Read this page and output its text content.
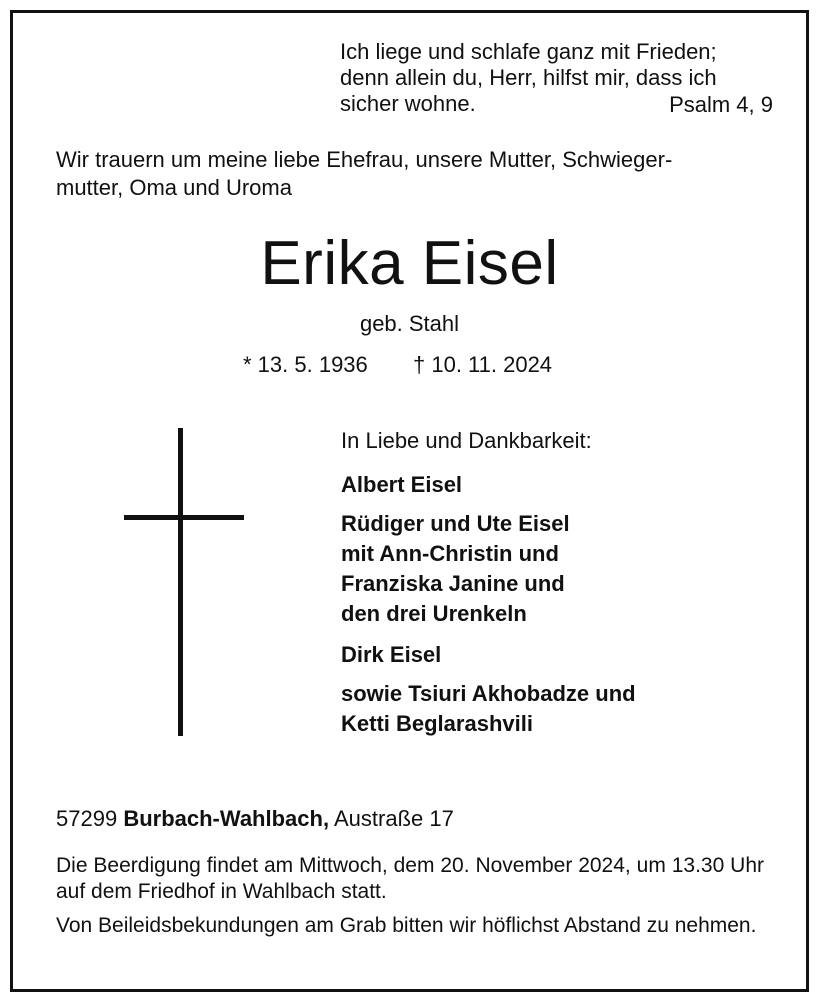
Ich liege und schlafe ganz mit Frieden;

denn allein du, Herr, hilfst mir, dass ich

sicher wohne.	Psalm 4, 9

Wir trauern um meine liebe Ehefrau, unsere Mutter, Schwieger-

mutter, Oma und Uroma

Erika Eisel

geb. Stahl

* 13. 5. 1936 † 10. 11. 2024

In Liebe und Dankbarkeit:

Albert Eisel

Rüdiger und Ute Eisel

mit Ann-Christin und

Franziska Janine und

den drei Urenkeln

Dirk Eisel

sowie Tsiuri Akhobadze und

Ketti Beglarashvili

57299 Burbach-Wahlbach, Austraße 17

Die Beerdigung findet am Mittwoch, dem 20. November 2024, um 13.30 Uhr auf dem Friedhof in Wahlbach statt.

Von Beileidsbekundungen am Grab bitten wir höflichst Abstand zu nehmen.
